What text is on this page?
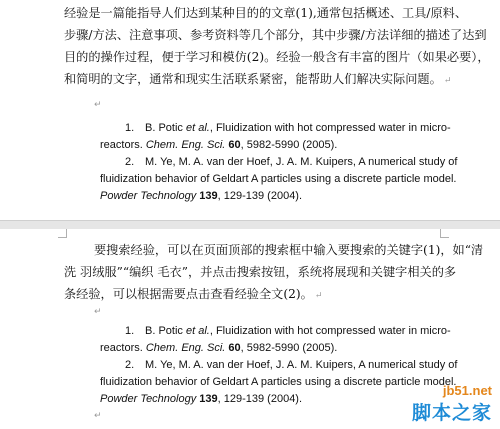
经验是一篇能指导人们达到某种目的的文章(1),通常包括概述、工具/原料、
步骤/方法、注意事项、参考资料等几个部分，其中步骤/方法详细的描述了达到
目的的操作过程，便于学习和模仿(2)。经验一般含有丰富的图片（如果必要），
和简明的文字，通常和现实生活联系紧密，能帮助人们解决实际问题。 ↵
↵
1. B. Potic et al., Fluidization with hot compressed water in micro-
reactors. Chem. Eng. Sci. 60, 5982-5990 (2005).
2. M. Ye, M. A. van der Hoef, J. A. M. Kuipers, A numerical study of
fluidization behavior of Geldart A particles using a discrete particle model.
Powder Technology 139, 129-139 (2004).
要搜索经验，可以在页面顶部的搜索框中输入要搜索的关键字(1)，如“清
洗 羽绒服”“编织 毛衣”，并点击搜索按钮，系统将展现和关键字相关的多
条经验，可以根据需要点击查看经验全文(2)。 ↵
↵
1. B. Potic et al., Fluidization with hot compressed water in micro-
reactors. Chem. Eng. Sci. 60, 5982-5990 (2005).
2. M. Ye, M. A. van der Hoef, J. A. M. Kuipers, A numerical study of
fluidization behavior of Geldart A particles using a discrete particle model.
Powder Technology 139, 129-139 (2004).
↵
jb51.net
脚本之家
